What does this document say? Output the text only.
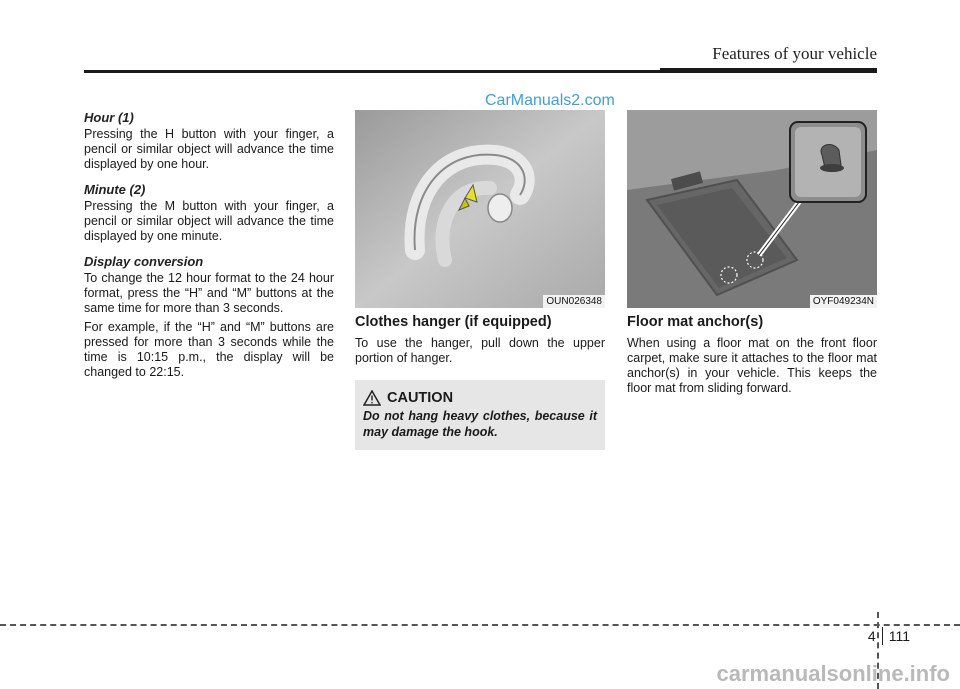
Features of your vehicle
CarManuals2.com

Hour (1)

Pressing the H button with your finger, a pencil or similar object will advance the time displayed by one hour.

Minute (2)

Pressing the M button with your finger, a pencil or similar object will advance the time displayed by one minute.

Display conversion

To change the 12 hour format to the 24 hour format, press the “H” and “M” buttons at the same time for more than 3 seconds.

For example, if the “H” and “M” buttons are pressed for more than 3 seconds while the time is 10:15 p.m., the display will be changed to 22:15.

OUN026348
Clothes hanger (if equipped)

To use the hanger, pull down the upper portion of hanger.

CAUTION
Do not hang heavy clothes, because it may damage the hook.
OYF049234N
Floor mat anchor(s)

When using a floor mat on the front floor carpet, make sure it attaches to the floor mat anchor(s) in your vehicle. This keeps the floor mat from sliding forward.

4 111
carmanualsonline.info
